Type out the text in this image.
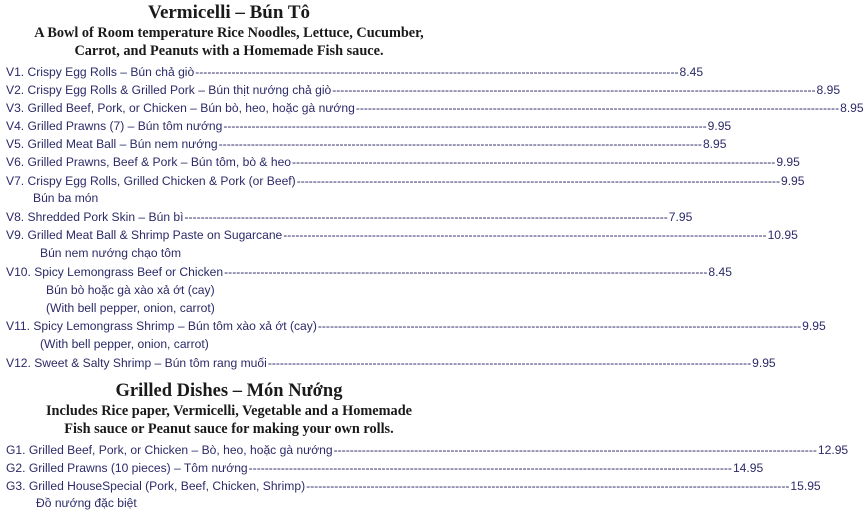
Vermicelli – Bún Tô
A Bowl of Room temperature Rice Noodles, Lettuce, Cucumber,
Carrot, and Peanuts with a Homemade Fish sauce.
V1. Crispy Egg Rolls – Bún chả giò ------------------------------------------------------------------------------------------------------------------------ 8.45
V2. Crispy Egg Rolls & Grilled Pork – Bún thịt nướng chả giò ------------------------------------------------------------------------------------------------------------------------ 8.95
V3. Grilled Beef, Pork, or Chicken – Bún bò, heo, hoặc gà nướng ------------------------------------------------------------------------------------------------------------------------ 8.95
V4. Grilled Prawns (7) – Bún tôm nướng ------------------------------------------------------------------------------------------------------------------------ 9.95
V5. Grilled Meat Ball – Bún nem nướng ------------------------------------------------------------------------------------------------------------------------ 8.95
V6. Grilled Prawns, Beef & Pork – Bún tôm, bò & heo ------------------------------------------------------------------------------------------------------------------------ 9.95
V7. Crispy Egg Rolls, Grilled Chicken & Pork (or Beef) ------------------------------------------------------------------------------------------------------------------------ 9.95
Bún ba món
V8. Shredded Pork Skin – Bún bì ------------------------------------------------------------------------------------------------------------------------ 7.95
V9. Grilled Meat Ball & Shrimp Paste on Sugarcane ------------------------------------------------------------------------------------------------------------------------ 10.95
Bún nem nướng chạo tôm
V10. Spicy Lemongrass Beef or Chicken ------------------------------------------------------------------------------------------------------------------------ 8.45
Bún bò hoặc gà xào xả ớt (cay)
(With bell pepper, onion, carrot)
V11. Spicy Lemongrass Shrimp – Bún tôm xào xả ớt (cay) ------------------------------------------------------------------------------------------------------------------------ 9.95
(With bell pepper, onion, carrot)
V12. Sweet & Salty Shrimp – Bún tôm rang muối ------------------------------------------------------------------------------------------------------------------------ 9.95
Grilled Dishes – Món Nướng
Includes Rice paper, Vermicelli, Vegetable and a Homemade
Fish sauce or Peanut sauce for making your own rolls.
G1. Grilled Beef, Pork, or Chicken – Bò, heo, hoặc gà nướng ------------------------------------------------------------------------------------------------------------------------ 12.95
G2. Grilled Prawns (10 pieces) – Tôm nướng ------------------------------------------------------------------------------------------------------------------------ 14.95
G3. Grilled HouseSpecial (Pork, Beef, Chicken, Shrimp) ------------------------------------------------------------------------------------------------------------------------ 15.95
Đồ nướng đặc biệt
